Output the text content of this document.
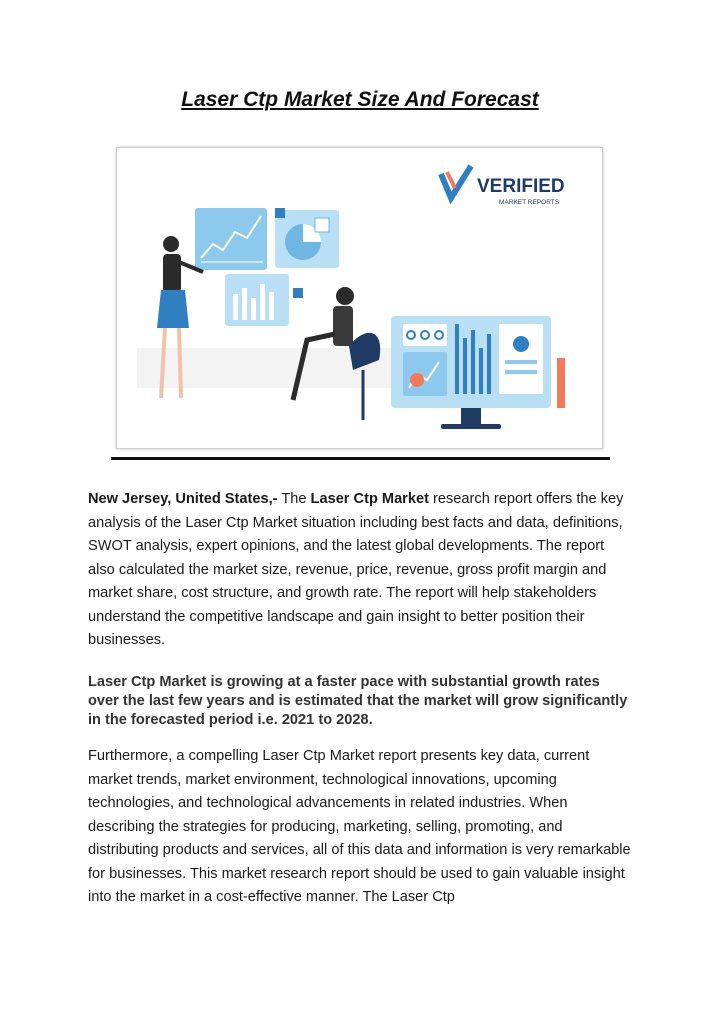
Laser Ctp Market Size And Forecast
VERIFIED
MARKET REPORTS

New Jersey, United States,- The Laser Ctp Market research report offers the key analysis of the Laser Ctp Market situation including best facts and data, definitions, SWOT analysis, expert opinions, and the latest global developments. The report also calculated the market size, revenue, price, revenue, gross profit margin and market share, cost structure, and growth rate. The report will help stakeholders understand the competitive landscape and gain insight to better position their businesses.

Laser Ctp Market is growing at a faster pace with substantial growth rates over the last few years and is estimated that the market will grow significantly in the forecasted period i.e. 2021 to 2028.

Furthermore, a compelling Laser Ctp Market report presents key data, current market trends, market environment, technological innovations, upcoming technologies, and technological advancements in related industries. When describing the strategies for producing, marketing, selling, promoting, and distributing products and services, all of this data and information is very remarkable for businesses. This market research report should be used to gain valuable insight into the market in a cost-effective manner. The Laser Ctp
